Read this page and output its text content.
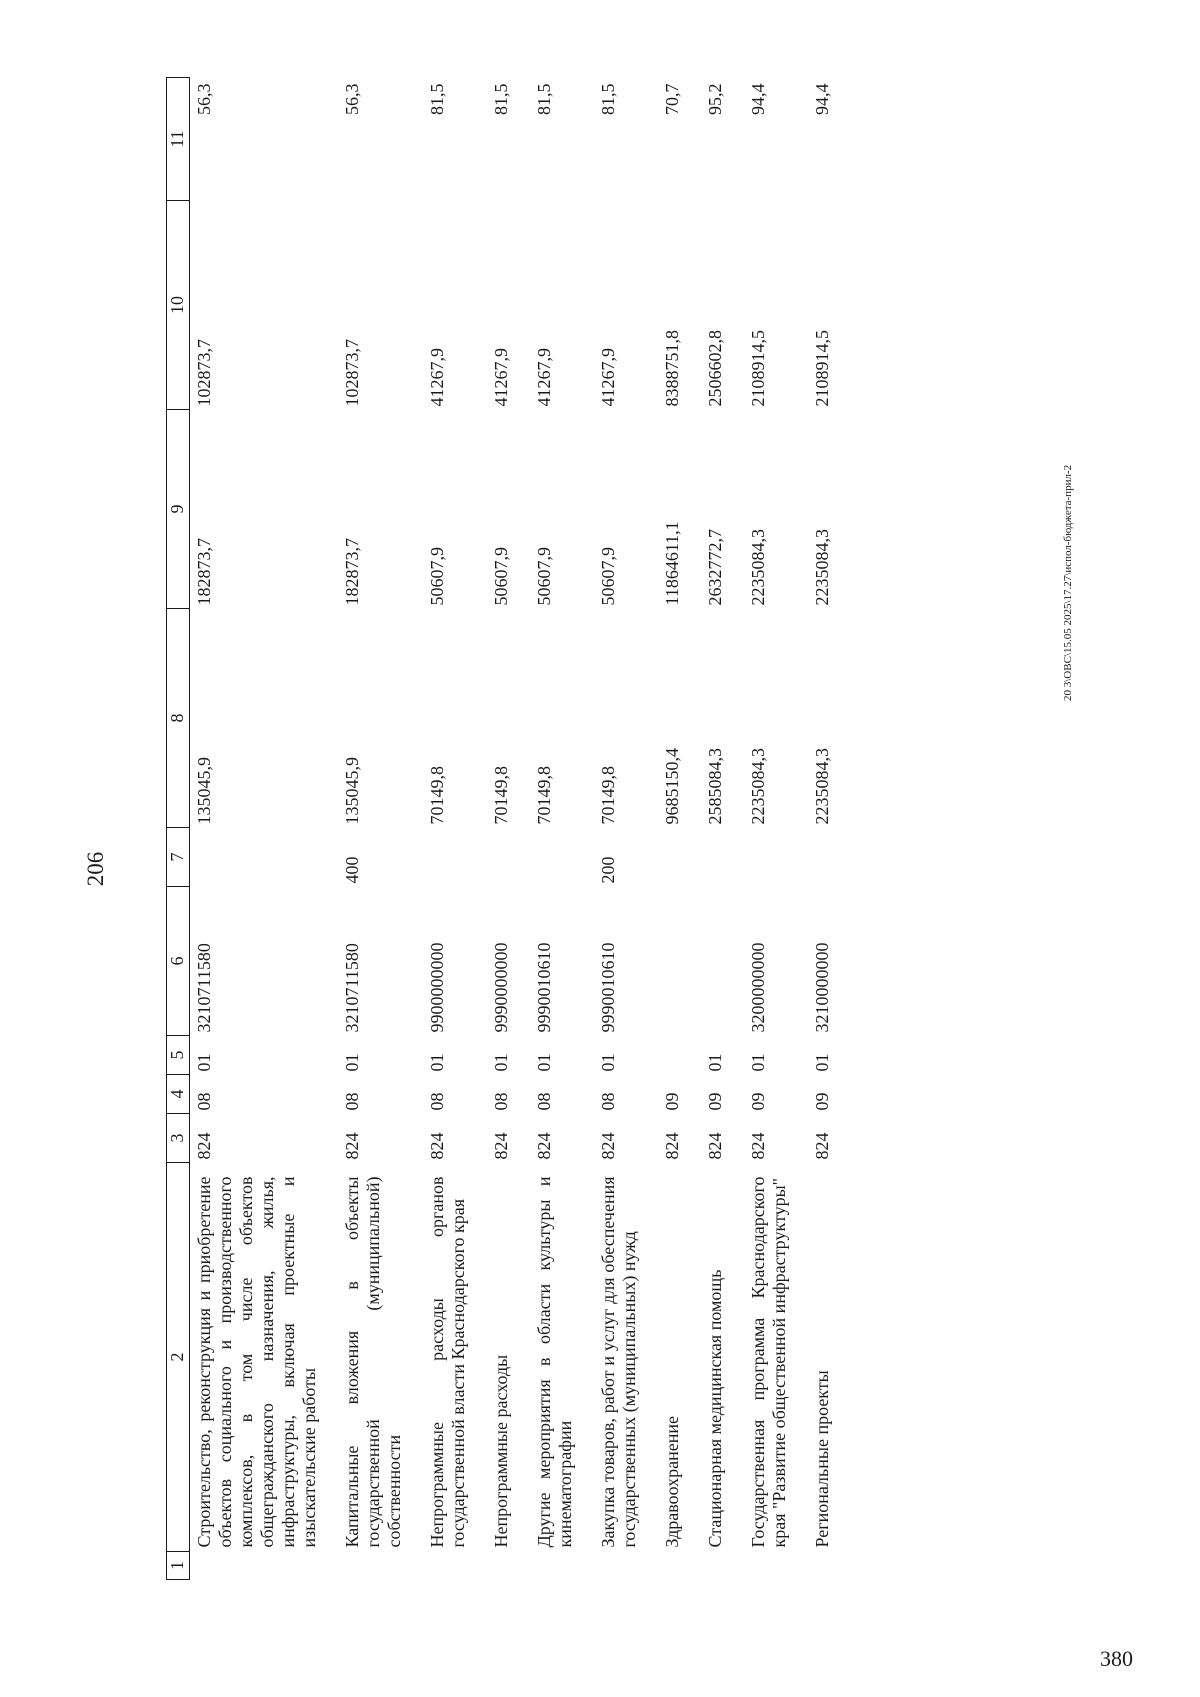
206
1	2	3	4	5	6	7	8	9	10	11
	Строительство, реконструкция и приобретение объектов социального и производственного комплексов, в том числе объектов общегражданского назначения, жилья, инфраструктуры, включая проектные и изыскательские работы	824	08	01	3210711580		135045,9	182873,7	102873,7	56,3
	Капитальные вложения в объекты государственной (муниципальной) собственности	824	08	01	3210711580	400	135045,9	182873,7	102873,7	56,3
	Непрограммные расходы органов государственной власти Краснодарского края	824	08	01	9900000000		70149,8	50607,9	41267,9	81,5
	Непрограммные расходы	824	08	01	9990000000		70149,8	50607,9	41267,9	81,5
	Другие мероприятия в области культуры и кинематографии	824	08	01	9990010610		70149,8	50607,9	41267,9	81,5
	Закупка товаров, работ и услуг для обеспечения государственных (муниципальных) нужд	824	08	01	9990010610	200	70149,8	50607,9	41267,9	81,5
	Здравоохранение	824	09				9685150,4	11864611,1	8388751,8	70,7
	Стационарная медицинская помощь	824	09	01			2585084,3	2632772,7	2506602,8	95,2
	Государственная программа Краснодарского края "Развитие общественной инфраструктуры"	824	09	01	3200000000		2235084,3	2235084,3	2108914,5	94,4
	Региональные проекты	824	09	01	3210000000		2235084,3	2235084,3	2108914,5	94,4
20 3\ОВС\15.05 2025\17.27\испол-бюджета-прил-2
380
